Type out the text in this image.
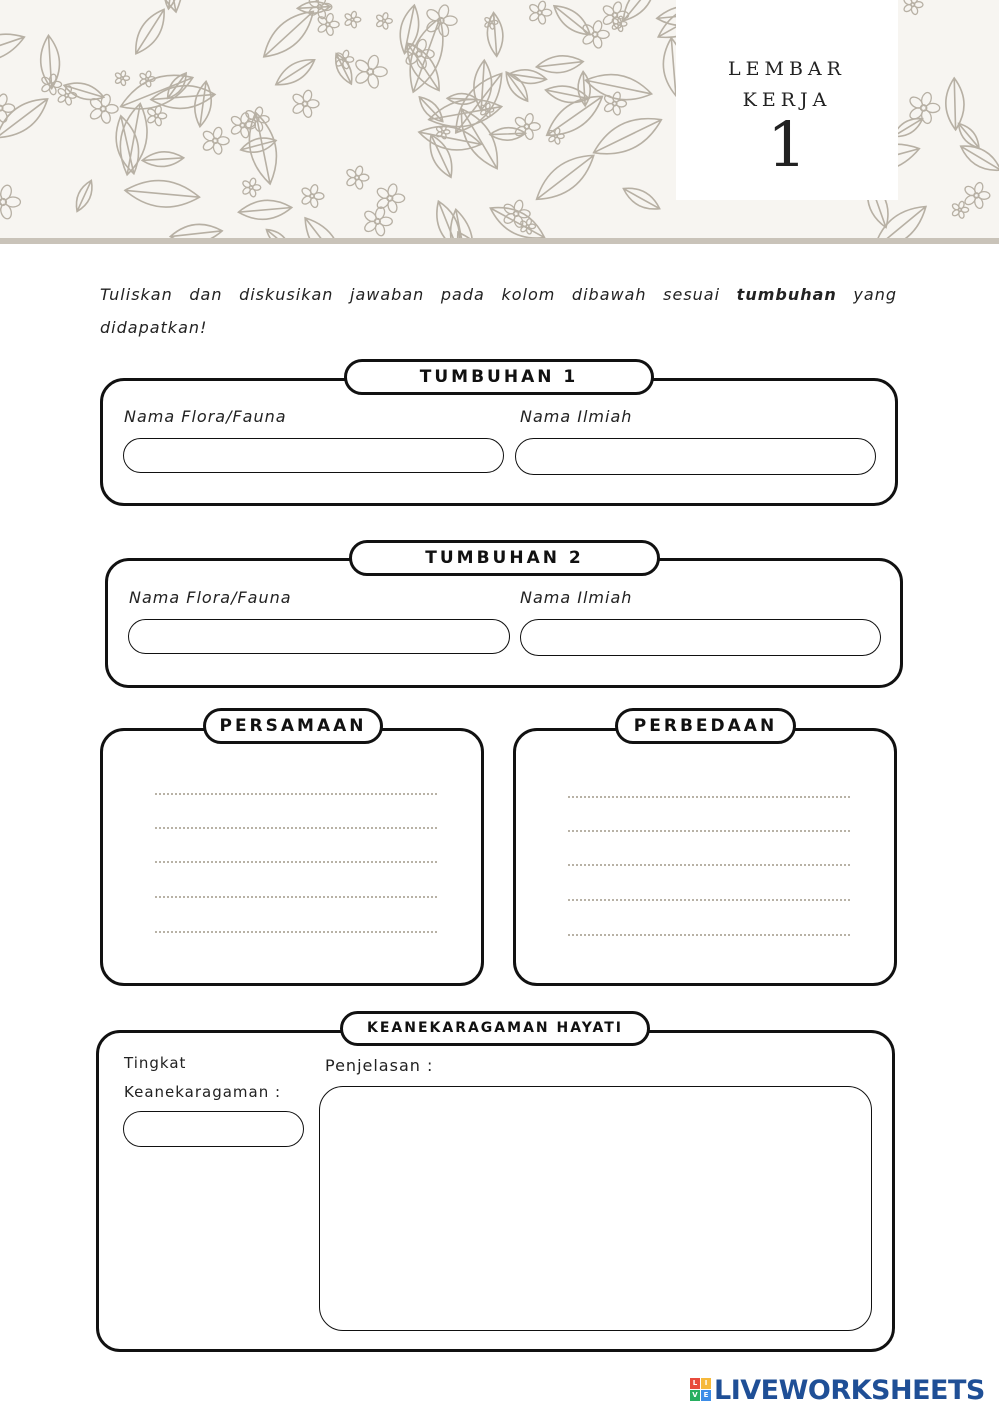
LEMBAR
KERJA
1
Tuliskan dan diskusikan jawaban pada kolom dibawah sesuai tumbuhan yang didapatkan!
TUMBUHAN 1
Nama Flora/Fauna	Nama Ilmiah
TUMBUHAN 2
Nama Flora/Fauna	Nama Ilmiah
PERSAMAAN	PERBEDAAN
KEANEKARAGAMAN HAYATI
Tingkat
Keanekaragaman :
Penjelasan :
L	I
V E LIVEWORKSHEETS
